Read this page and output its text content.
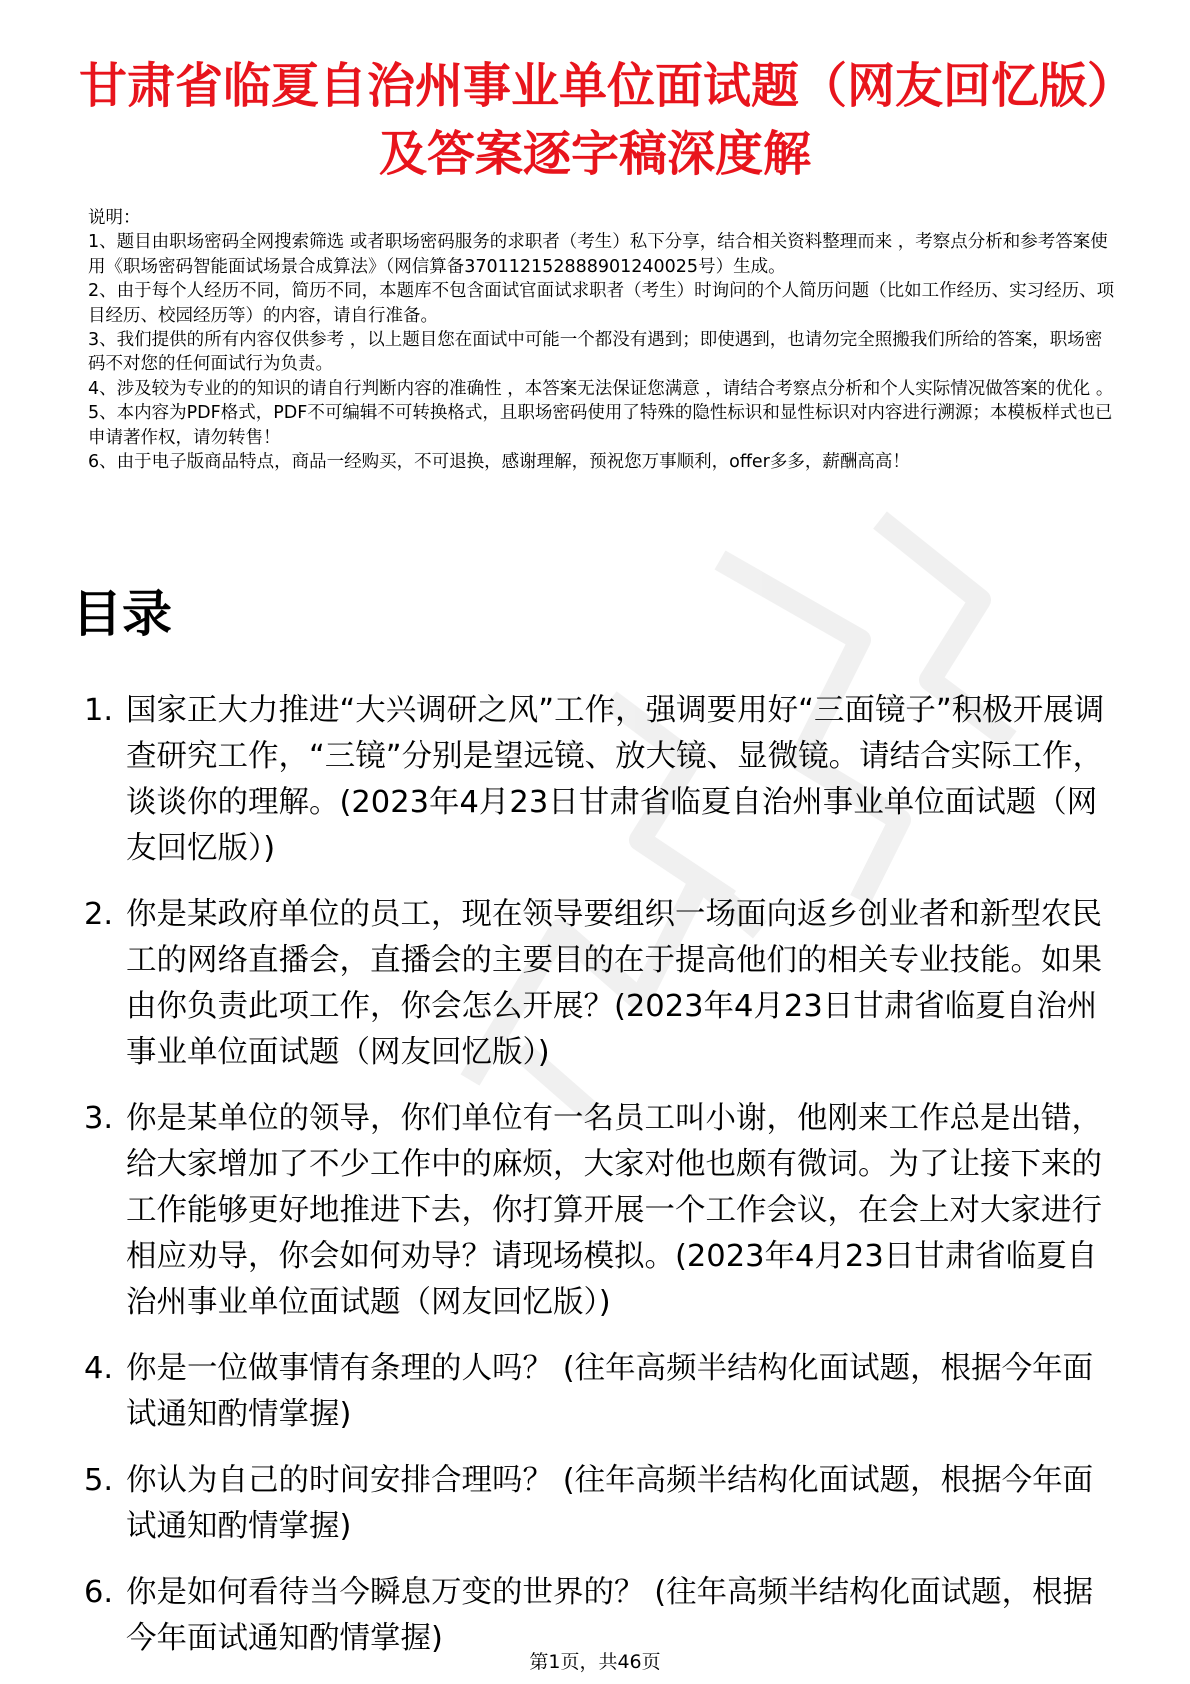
甘肃省临夏自治州事业单位面试题（网友回忆版）及答案逐字稿深度解

说明：

1、题目由职场密码全网搜索筛选 或者职场密码服务的求职者（考生）私下分享，结合相关资料整理而来 ，考察点分析和参考答案使用《职场密码智能面试场景合成算法》（网信算备370112152888901240025号）生成。

2、由于每个人经历不同，简历不同，本题库不包含面试官面试求职者（考生）时询问的个人简历问题（比如工作经历、实习经历、项目经历、校园经历等）的内容，请自行准备。

3、我们提供的所有内容仅供参考 ，以上题目您在面试中可能一个都没有遇到；即使遇到，也请勿完全照搬我们所给的答案，职场密码不对您的任何面试行为负责。

4、涉及较为专业的的知识的请自行判断内容的准确性 ，本答案无法保证您满意 ，请结合考察点分析和个人实际情况做答案的优化 。

5、本内容为PDF格式，PDF不可编辑不可转换格式，且职场密码使用了特殊的隐性标识和显性标识对内容进行溯源；本模板样式也已申请著作权，请勿转售！

6、由于电子版商品特点，商品一经购买，不可退换，感谢理解，预祝您万事顺利，offer多多，薪酬高高！

目录
1. 国家正大力推进“大兴调研之风”工作，强调要用好“三面镜子”积极开展调查研究工作，“三镜”分别是望远镜、放大镜、显微镜。请结合实际工作，谈谈你的理解。(2023年4月23日甘肃省临夏自治州事业单位面试题（网友回忆版）)
2. 你是某政府单位的员工，现在领导要组织一场面向返乡创业者和新型农民工的网络直播会，直播会的主要目的在于提高他们的相关专业技能。如果由你负责此项工作，你会怎么开展？(2023年4月23日甘肃省临夏自治州事业单位面试题（网友回忆版）)
3. 你是某单位的领导，你们单位有一名员工叫小谢，他刚来工作总是出错，给大家增加了不少工作中的麻烦，大家对他也颇有微词。为了让接下来的工作能够更好地推进下去，你打算开展一个工作会议，在会上对大家进行相应劝导，你会如何劝导？请现场模拟。(2023年4月23日甘肃省临夏自治州事业单位面试题（网友回忆版）)
4. 你是一位做事情有条理的人吗？ (往年高频半结构化面试题，根据今年面试通知酌情掌握)
5. 你认为自己的时间安排合理吗？ (往年高频半结构化面试题，根据今年面试通知酌情掌握)
6. 你是如何看待当今瞬息万变的世界的？ (往年高频半结构化面试题，根据今年面试通知酌情掌握)
第1页，共46页
